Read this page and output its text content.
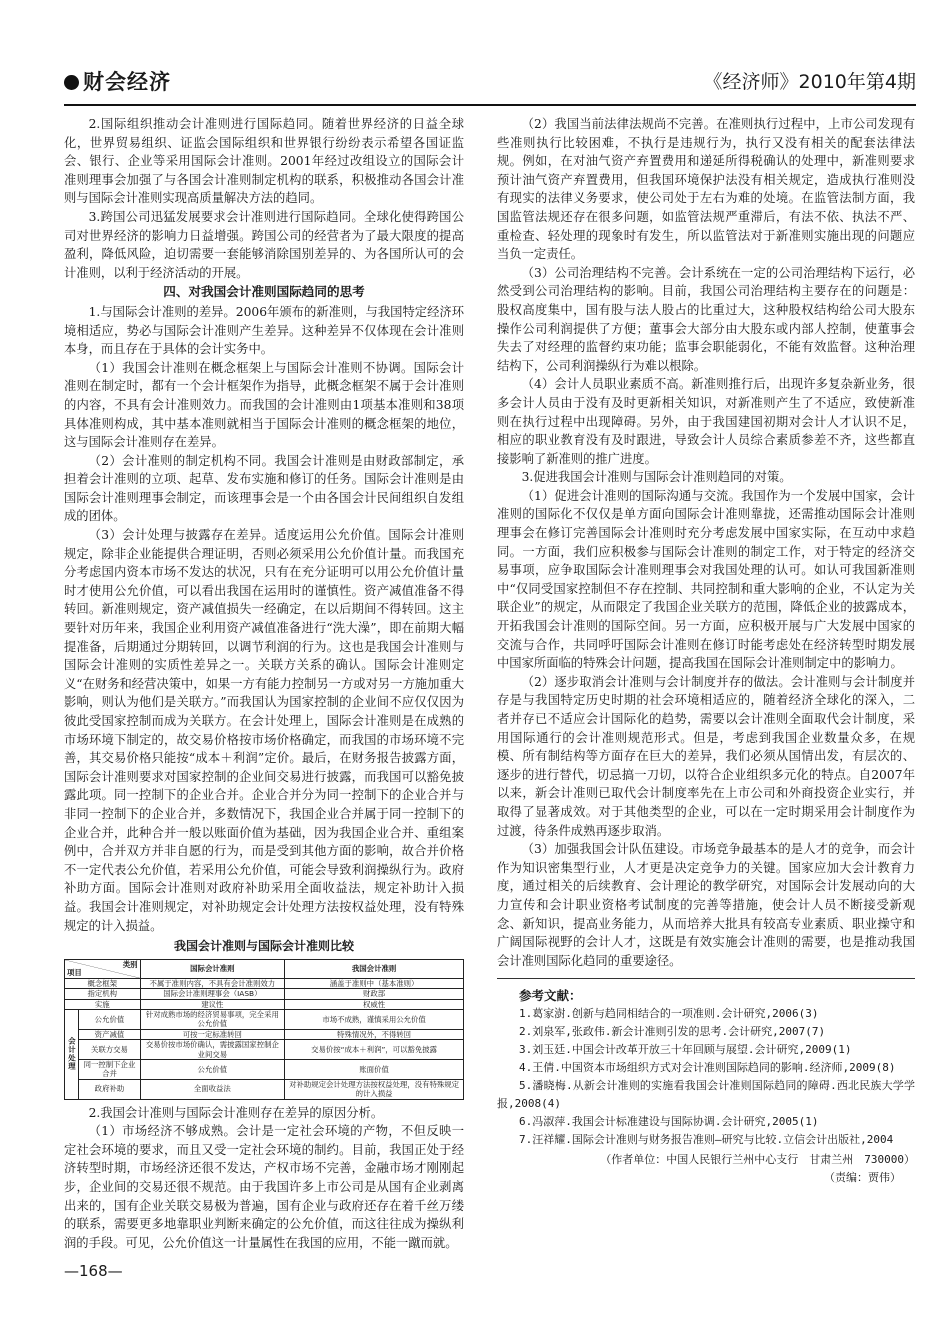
财会经济	《经济师》2010年第4期

2.国际组织推动会计准则进行国际趋同。随着世界经济的日益全球化，世界贸易组织、证监会国际组织和世界银行纷纷表示希望各国证监会、银行、企业等采用国际会计准则。2001年经过改组设立的国际会计准则理事会加强了与各国会计准则制定机构的联系，积极推动各国会计准则与国际会计准则实现高质量解决方法的趋同。

3.跨国公司迅猛发展要求会计准则进行国际趋同。全球化使得跨国公司对世界经济的影响力日益增强。跨国公司的经营者为了最大限度的提高盈利，降低风险，迫切需要一套能够消除国别差异的、为各国所认可的会计准则，以利于经济活动的开展。

四、对我国会计准则国际趋同的思考

1.与国际会计准则的差异。2006年颁布的新准则，与我国特定经济环境相适应，势必与国际会计准则产生差异。这种差异不仅体现在会计准则本身，而且存在于具体的会计实务中。

（1）我国会计准则在概念框架上与国际会计准则不协调。国际会计准则在制定时，都有一个会计框架作为指导，此概念框架不属于会计准则的内容，不具有会计准则效力。而我国的会计准则由1项基本准则和38项具体准则构成，其中基本准则就相当于国际会计准则的概念框架的地位，这与国际会计准则存在差异。

（2）会计准则的制定机构不同。我国会计准则是由财政部制定，承担着会计准则的立项、起草、发布实施和修订的任务。国际会计准则是由国际会计准则理事会制定，而该理事会是一个由各国会计民间组织自发组成的团体。

（3）会计处理与披露存在差异。适度运用公允价值。国际会计准则规定，除非企业能提供合理证明，否则必须采用公允价值计量。而我国充分考虑国内资本市场不发达的状况，只有在充分证明可以用公允价值计量时才使用公允价值，可以看出我国在运用时的谨慎性。资产减值准备不得转回。新准则规定，资产减值损失一经确定，在以后期间不得转回。这主要针对历年来，我国企业利用资产减值准备进行“洗大澡”，即在前期大幅提准备，后期通过分期转回，以调节利润的行为。这也是我国会计准则与国际会计准则的实质性差异之一。关联方关系的确认。国际会计准则定义“在财务和经营决策中，如果一方有能力控制另一方或对另一方施加重大影响，则认为他们是关联方。”而我国认为国家控制的企业间不应仅仅因为彼此受国家控制而成为关联方。在会计处理上，国际会计准则是在成熟的市场环境下制定的，故交易价格按市场价格确定，而我国的市场环境不完善，其交易价格只能按“成本＋利润”定价。最后，在财务报告披露方面，国际会计准则要求对国家控制的企业间交易进行披露，而我国可以豁免披露此项。同一控制下的企业合并。企业合并分为同一控制下的企业合并与非同一控制下的企业合并，多数情况下，我国企业合并属于同一控制下的企业合并，此种合并一般以账面价值为基础，因为我国企业合并、重组案例中，合并双方并非自愿的行为，而是受到其他方面的影响，故合并价格不一定代表公允价值，若采用公允价值，可能会导致利润操纵行为。政府补助方面。国际会计准则对政府补助采用全面收益法，规定补助计入损益。我国会计准则规定，对补助规定会计处理方法按权益处理，没有特殊规定的计入损益。

我国会计准则与国际会计准则比较
类别
项目		国际会计准则	我国会计准则
概念框架		不属于准则内容，不具有会计准则效力	涵盖于准则中（基本准则）
指定机构		国际会计准则理事会（IASB）	财政部
实施		建议性	权威性
会计处理	公允价值	针对成熟市场的经济贸易事项，完全采用公允价值	市场不成熟，谨慎采用公允价值
	资产减值	可按一定标准转回	特殊情况外，不得转回
	关联方交易	交易价按市场价确认，需披露国家控制企业间交易	交易价按“成本＋利润”，可以豁免披露
	同一控制下企业合并	公允价值	账面价值
	政府补助	全面收益法	对补助规定会计处理方法按权益处理，没有特殊规定的计入损益

2.我国会计准则与国际会计准则存在差异的原因分析。

（1）市场经济不够成熟。会计是一定社会环境的产物，不但反映一定社会环境的要求，而且又受一定社会环境的制约。目前，我国正处于经济转型时期，市场经济还很不发达，产权市场不完善，金融市场才刚刚起步，企业间的交易还很不规范。由于我国许多上市公司是从国有企业剥离出来的，国有企业关联交易极为普遍，国有企业与政府还存在着千丝万缕的联系，需要更多地靠职业判断来确定的公允价值，而这往往成为操纵利润的手段。可见，公允价值这一计量属性在我国的应用，不能一蹴而就。

（2）我国当前法律法规尚不完善。在准则执行过程中，上市公司发现有些准则执行比较困难，不执行是违规行为，执行又没有相关的配套法律法规。例如，在对油气资产弃置费用和递延所得税确认的处理中，新准则要求预计油气资产弃置费用，但我国环境保护法没有相关规定，造成执行准则没有现实的法律义务要求，使公司处于左右为难的处境。在监管法制方面，我国监管法规还存在很多问题，如监管法规严重滞后，有法不依、执法不严、重检查、轻处理的现象时有发生，所以监管法对于新准则实施出现的问题应当负一定责任。

（3）公司治理结构不完善。会计系统在一定的公司治理结构下运行，必然受到公司治理结构的影响。目前，我国公司治理结构主要存在的问题是：股权高度集中，国有股与法人股占的比重过大，这种股权结构给公司大股东操作公司利润提供了方便；董事会大部分由大股东或内部人控制，使董事会失去了对经理的监督约束功能；监事会职能弱化，不能有效监督。这种治理结构下，公司利润操纵行为难以根除。

（4）会计人员职业素质不高。新准则推行后，出现许多复杂新业务，很多会计人员由于没有及时更新相关知识，对新准则产生了不适应，致使新准则在执行过程中出现障碍。另外，由于我国建国初期对会计人才认识不足，相应的职业教育没有及时跟进，导致会计人员综合素质参差不齐，这些都直接影响了新准则的推广进度。

3.促进我国会计准则与国际会计准则趋同的对策。

（1）促进会计准则的国际沟通与交流。我国作为一个发展中国家，会计准则的国际化不仅仅是单方面向国际会计准则靠拢，还需推动国际会计准则理事会在修订完善国际会计准则时充分考虑发展中国家实际，在互动中求趋同。一方面，我们应积极参与国际会计准则的制定工作，对于特定的经济交易事项，应争取国际会计准则理事会对我国处理的认可。如认可我国新准则中“仅同受国家控制但不存在控制、共同控制和重大影响的企业，不认定为关联企业”的规定，从而限定了我国企业关联方的范围，降低企业的披露成本，开拓我国会计准则的国际空间。另一方面，应积极开展与广大发展中国家的交流与合作，共同呼吁国际会计准则在修订时能考虑处在经济转型时期发展中国家所面临的特殊会计问题，提高我国在国际会计准则制定中的影响力。

（2）逐步取消会计准则与会计制度并存的做法。会计准则与会计制度并存是与我国特定历史时期的社会环境相适应的，随着经济全球化的深入，二者并存已不适应会计国际化的趋势，需要以会计准则全面取代会计制度，采用国际通行的会计准则规范形式。但是，考虑到我国企业数量众多，在规模、所有制结构等方面存在巨大的差异，我们必须从国情出发，有层次的、逐步的进行替代，切忌搞一刀切，以符合企业组织多元化的特点。自2007年以来，新会计准则已取代会计制度率先在上市公司和外商投资企业实行，并取得了显著成效。对于其他类型的企业，可以在一定时期采用会计制度作为过渡，待条件成熟再逐步取消。

（3）加强我国会计队伍建设。市场竞争最基本的是人才的竞争，而会计作为知识密集型行业，人才更是决定竞争力的关键。国家应加大会计教育力度，通过相关的后续教育、会计理论的教学研究，对国际会计发展动向的大力宣传和会计职业资格考试制度的完善等措施，使会计人员不断接受新观念、新知识，提高业务能力，从而培养大批具有较高专业素质、职业操守和广阔国际视野的会计人才，这既是有效实施会计准则的需要，也是推动我国会计准则国际化趋同的重要途径。

参考文献：

1.葛家澍.创新与趋同相结合的一项准则.会计研究,2006(3)

2.刘泉军,张政伟.新会计准则引发的思考.会计研究,2007(7)

3.刘玉廷.中国会计改革开放三十年回顾与展望.会计研究,2009(1)

4.王倩.中国资本市场组织方式对会计准则国际趋同的影响.经济师,2009(8)

5.潘晓梅.从新会计准则的实施看我国会计准则国际趋同的障碍.西北民族大学学报,2008(4)

6.冯淑萍.我国会计标准建设与国际协调.会计研究,2005(1)

7.汪祥耀.国际会计准则与财务报告准则—研究与比较.立信会计出版社,2004

（作者单位：中国人民银行兰州中心支行　甘肃兰州　730000）

（责编：贾伟）

—168—
